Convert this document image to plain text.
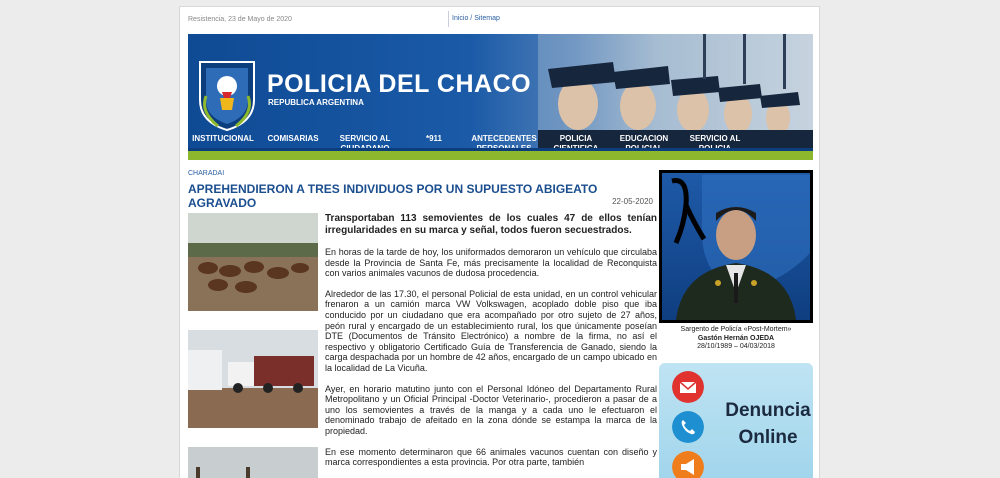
Resistencia, 23 de Mayo de 2020	Inicio / Sitemap
POLICIA DEL CHACO
REPUBLICA ARGENTINA
INSTITUCIONAL	COMISARIAS	SERVICIO AL	*911	ANTECEDENTES	POLICIA	EDUCACION	SERVICIO AL
CHARADAI
APREHENDIERON A TRES INDIVIDUOS POR UN SUPUESTO ABIGEATO AGRAVADO	22-05-2020

Transportaban 113 semovientes de los cuales 47 de ellos tenían irregularidades en su marca y señal, todos fueron secuestrados.

En horas de la tarde de hoy, los uniformados demoraron un vehículo que circulaba desde la Provincia de Santa Fe, más precisamente la localidad de Reconquista con varios animales vacunos de dudosa procedencia.

Alrededor de las 17.30, el personal Policial de esta unidad, en un control vehicular frenaron a un camión marca VW Volkswagen, acoplado doble piso que iba conducido por un ciudadano que era acompañado por otro sujeto de 27 años, peón rural y encargado de un establecimiento rural, los que únicamente poseían DTE (Documentos de Tránsito Electrónico) a nombre de la firma, no así el respectivo y obligatorio Certificado Guía de Transferencia de Ganado, siendo la carga despachada por un hombre de 42 años, encargado de un campo ubicado en la localidad de La Vicuña.

Ayer, en horario matutino junto con el Personal Idóneo del Departamento Rural Metropolitano y un Oficial Principal -Doctor Veterinario-, procedieron a pasar de a uno los semovientes a través de la manga y a cada uno le efectuaron el denominado trabajo de afeitado en la zona dónde se estampa la marca de la propiedad.

En ese momento determinaron que 66 animales vacunos cuentan con diseño y marca correspondientes a esta provincia. Por otra parte, también

Sargento de Policía «Post-Mortem»
Gastón Hernán OJEDA
28/10/1989 – 04/03/2018
Denuncia
Online
